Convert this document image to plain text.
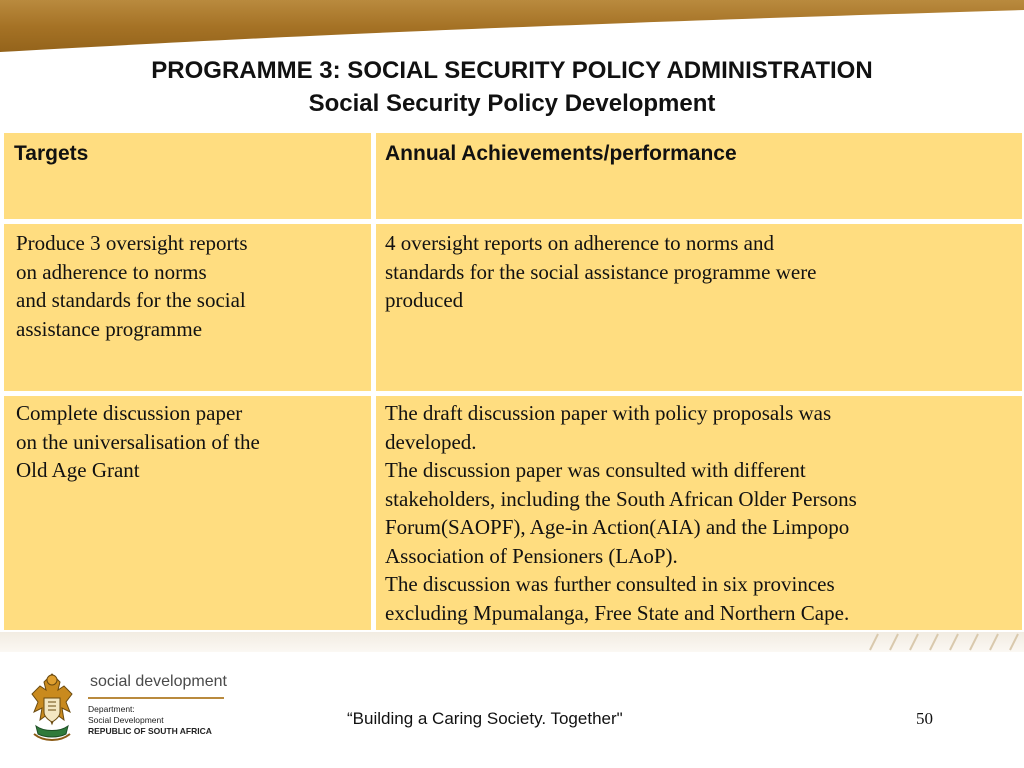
PROGRAMME 3: SOCIAL SECURITY POLICY ADMINISTRATION
Social Security Policy Development
Targets	Annual Achievements/performance
Produce 3 oversight reports
on adherence to norms
and standards for the social
assistance programme
4 oversight reports on adherence to norms and
standards for the social assistance programme were
produced
Complete discussion paper
on the universalisation of the
Old Age Grant
The draft discussion paper with policy proposals was
developed.
The discussion paper was consulted with different
stakeholders, including the South African Older Persons
Forum(SAOPF), Age-in Action(AIA) and the Limpopo
Association of Pensioners (LAoP).
The discussion was further consulted in six provinces
excluding Mpumalanga, Free State and Northern Cape.
social development
Department:
Social Development
REPUBLIC OF SOUTH AFRICA
“Building a Caring Society. Together"	50
